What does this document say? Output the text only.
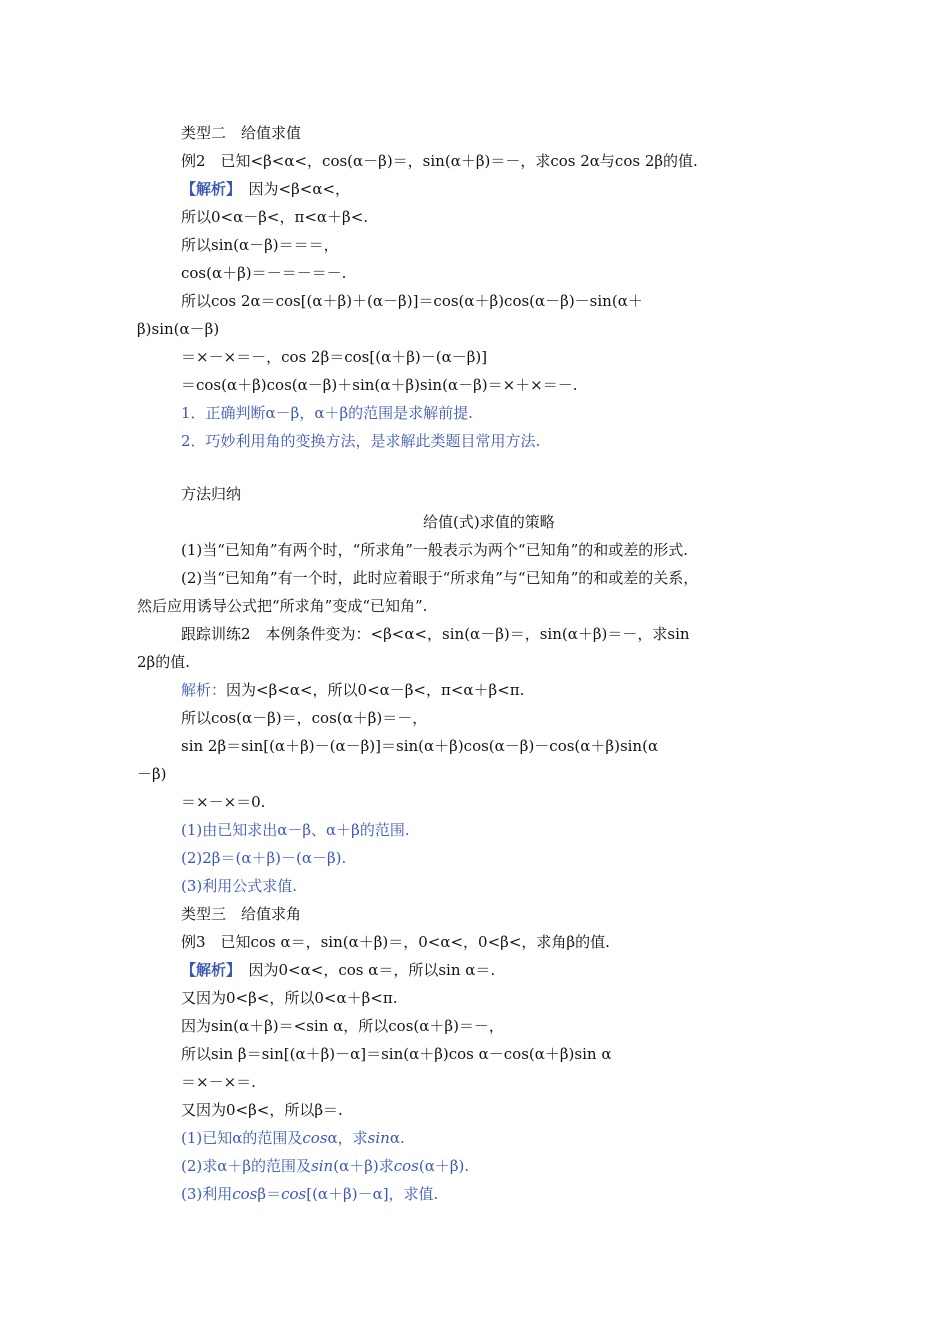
类型二　给值求值
例2　已知<β<α<，cos(α－β)＝，sin(α＋β)＝－，求cos 2α与cos 2β的值.
【解析】　因为<β<α<，
所以0<α－β<，π<α＋β<.
所以sin(α－β)＝＝＝，
cos(α＋β)＝－＝－＝－.
所以cos 2α＝cos[(α＋β)＋(α－β)]＝cos(α＋β)cos(α－β)－sin(α＋
β)sin(α－β)
＝×－×＝－，cos 2β＝cos[(α＋β)－(α－β)]
＝cos(α＋β)cos(α－β)＋sin(α＋β)sin(α－β)＝×＋×＝－.
1．正确判断α－β，α＋β的范围是求解前提.
2．巧妙利用角的变换方法，是求解此类题目常用方法.
方法归纳
给值(式)求值的策略
(1)当“已知角”有两个时，“所求角”一般表示为两个“已知角”的和或差的形式.
(2)当“已知角”有一个时，此时应着眼于“所求角”与“已知角”的和或差的关系，
然后应用诱导公式把“所求角”变成“已知角”.
跟踪训练2　本例条件变为：<β<α<，sin(α－β)＝，sin(α＋β)＝－，求sin
2β的值.
解析：因为<β<α<，所以0<α－β<，π<α＋β<π.
所以cos(α－β)＝，cos(α＋β)＝－，
sin 2β＝sin[(α＋β)－(α－β)]＝sin(α＋β)cos(α－β)－cos(α＋β)sin(α
－β)
＝×－×＝0.
(1)由已知求出α－β、α＋β的范围.
(2)2β＝(α＋β)－(α－β).
(3)利用公式求值.
类型三　给值求角
例3　已知cos α＝，sin(α＋β)＝，0<α<，0<β<，求角β的值.
【解析】　因为0<α<，cos α＝，所以sin α＝.
又因为0<β<，所以0<α＋β<π.
因为sin(α＋β)＝<sin α，所以cos(α＋β)＝－，
所以sin β＝sin[(α＋β)－α]＝sin(α＋β)cos α－cos(α＋β)sin α
＝×－×＝.
又因为0<β<，所以β＝.
(1)已知α的范围及cosα，求sinα.
(2)求α＋β的范围及sin(α＋β)求cos(α＋β).
(3)利用cosβ＝cos[(α＋β)－α]，求值.
